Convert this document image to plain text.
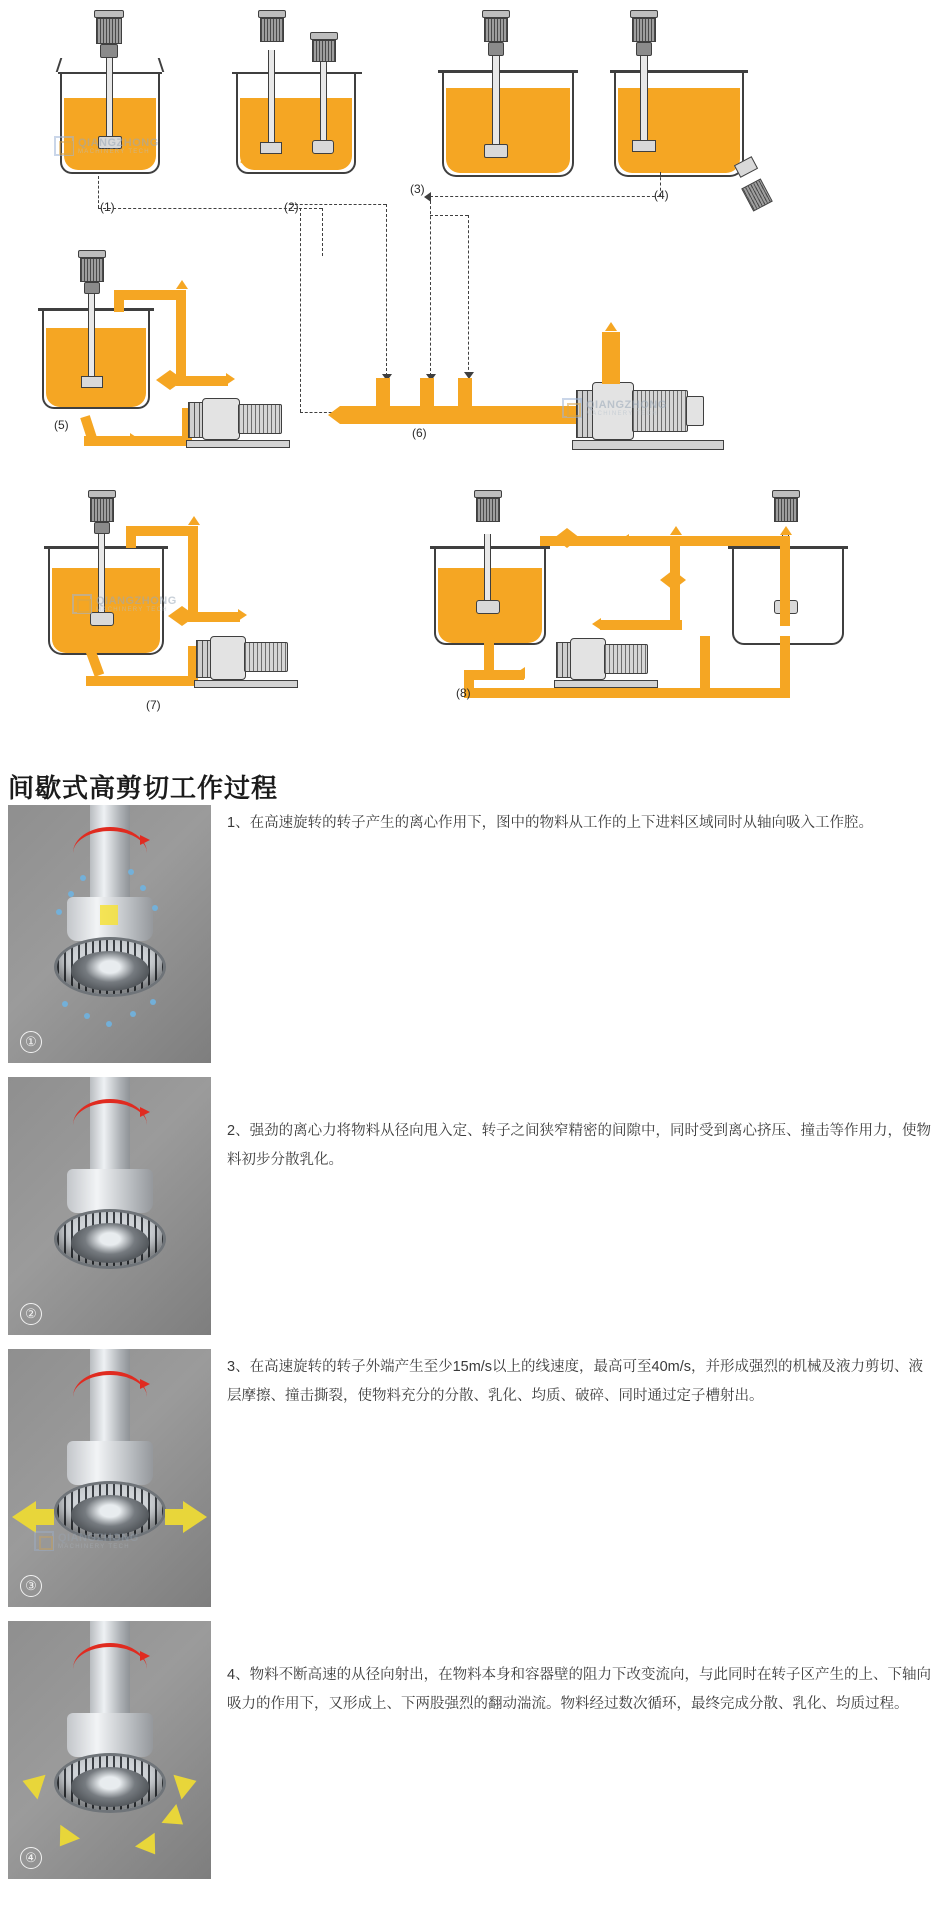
QIANGZHONG
MACHINERY TECH
(1)	(2)
(3)	(4)
(5)
QIANGZHONG
MACHINERY TECH
(6)
QIANGZHONG
MACHINERY TECH
(7)
(8)
间歇式高剪切工作过程
①
1、在高速旋转的转子产生的离心作用下，图中的物料从工作的上下进料区域同时从轴向吸入工作腔。
②
2、强劲的离心力将物料从径向甩入定、转子之间狭窄精密的间隙中，同时受到离心挤压、撞击等作用力，使物料初步分散乳化。
QIANGZHONG
MACHINERY TECH
③
3、在高速旋转的转子外端产生至少15m/s以上的线速度，最高可至40m/s，并形成强烈的机械及液力剪切、液层摩擦、撞击撕裂，使物料充分的分散、乳化、均质、破碎、同时通过定子槽射出。
④
4、物料不断高速的从径向射出，在物料本身和容器壁的阻力下改变流向，与此同时在转子区产生的上、下轴向吸力的作用下，又形成上、下两股强烈的翻动湍流。物料经过数次循环，最终完成分散、乳化、均质过程。
